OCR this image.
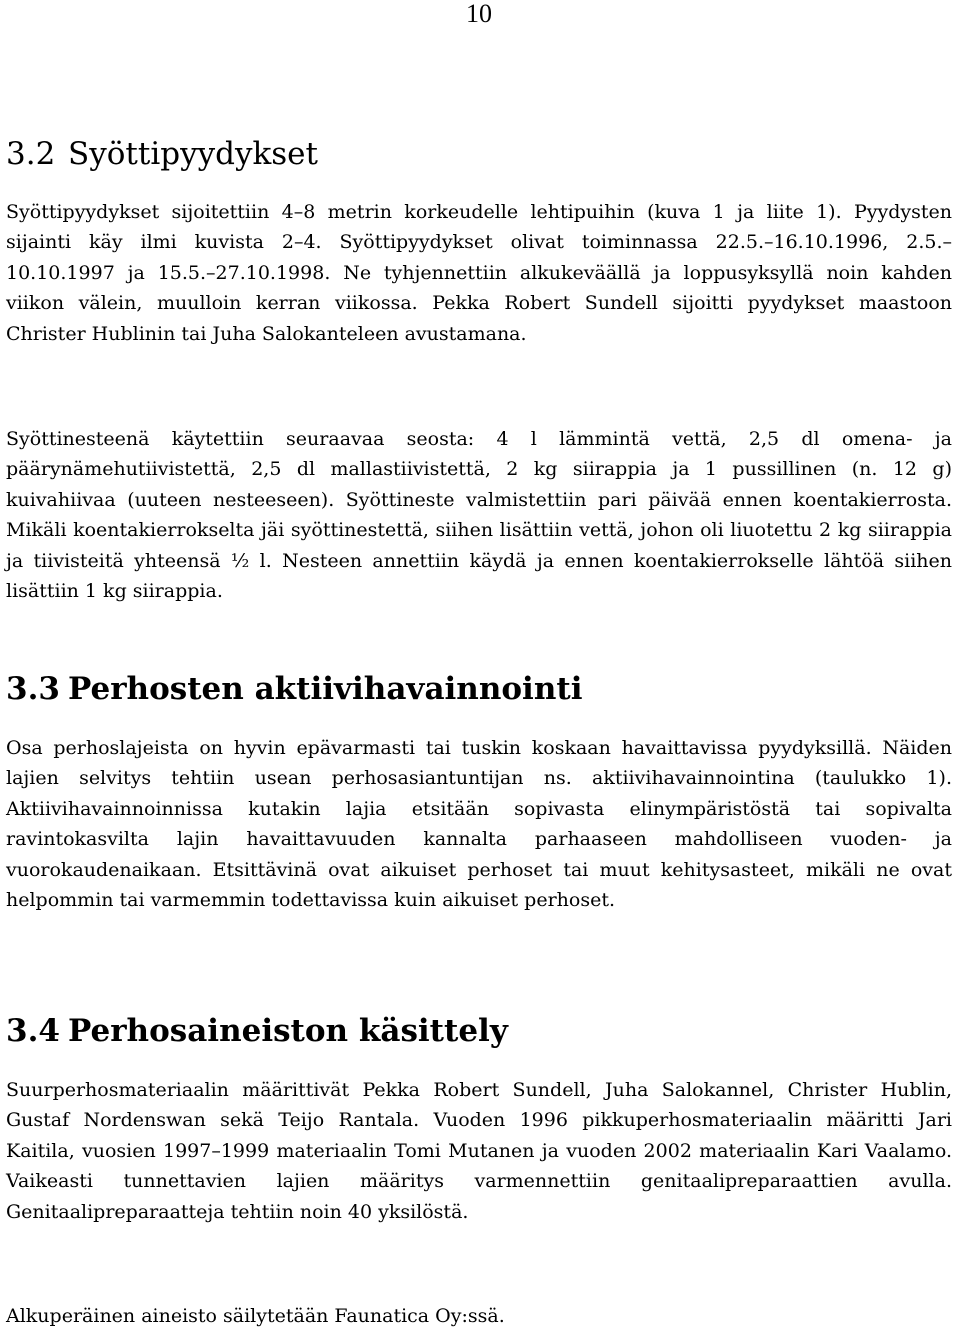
10
3.2 Syöttipyydykset

Syöttipyydykset sijoitettiin 4–8 metrin korkeudelle lehtipuihin (kuva 1 ja liite 1). Pyydysten sijainti käy ilmi kuvista 2–4. Syöttipyydykset olivat toiminnassa 22.5.–16.10.1996, 2.5.–10.10.1997 ja 15.5.–27.10.1998. Ne tyhjennettiin alkukeväällä ja loppusyksyllä noin kahden viikon välein, muulloin kerran viikossa. Pekka Robert Sundell sijoitti pyydykset maastoon Christer Hublinin tai Juha Salokanteleen avustamana.

Syöttinesteenä käytettiin seuraavaa seosta: 4 l lämmintä vettä, 2,5 dl omena- ja päärynämehutiivistettä, 2,5 dl mallastiivistettä, 2 kg siirappia ja 1 pussillinen (n. 12 g) kuivahiivaa (uuteen nesteeseen). Syöttineste valmistettiin pari päivää ennen koentakierrosta. Mikäli koentakierrokselta jäi syöttinestettä, siihen lisättiin vettä, johon oli liuotettu 2 kg siirappia ja tiivisteitä yhteensä ½ l. Nesteen annettiin käydä ja ennen koentakierrokselle lähtöä siihen lisättiin 1 kg siirappia.

3.3 Perhosten aktiivihavainnointi

Osa perhoslajeista on hyvin epävarmasti tai tuskin koskaan havaittavissa pyydyksillä. Näiden lajien selvitys tehtiin usean perhosasiantuntijan ns. aktiivihavainnointina (taulukko 1). Aktiivihavainnoinnissa kutakin lajia etsitään sopivasta elinympäristöstä tai sopivalta ravintokasvilta lajin havaittavuuden kannalta parhaaseen mahdolliseen vuoden- ja vuorokaudenaikaan. Etsittävinä ovat aikuiset perhoset tai muut kehitysasteet, mikäli ne ovat helpommin tai varmemmin todettavissa kuin aikuiset perhoset.

3.4 Perhosaineiston käsittely

Suurperhosmateriaalin määrittivät Pekka Robert Sundell, Juha Salokannel, Christer Hublin, Gustaf Nordenswan sekä Teijo Rantala. Vuoden 1996 pikkuperhosmateriaalin määritti Jari Kaitila, vuosien 1997–1999 materiaalin Tomi Mutanen ja vuoden 2002 materiaalin Kari Vaalamo. Vaikeasti tunnettavien lajien määritys varmennettiin genitaalipreparaattien avulla. Genitaalipreparaatteja tehtiin noin 40 yksilöstä.

Alkuperäinen aineisto säilytetään Faunatica Oy:ssä.
